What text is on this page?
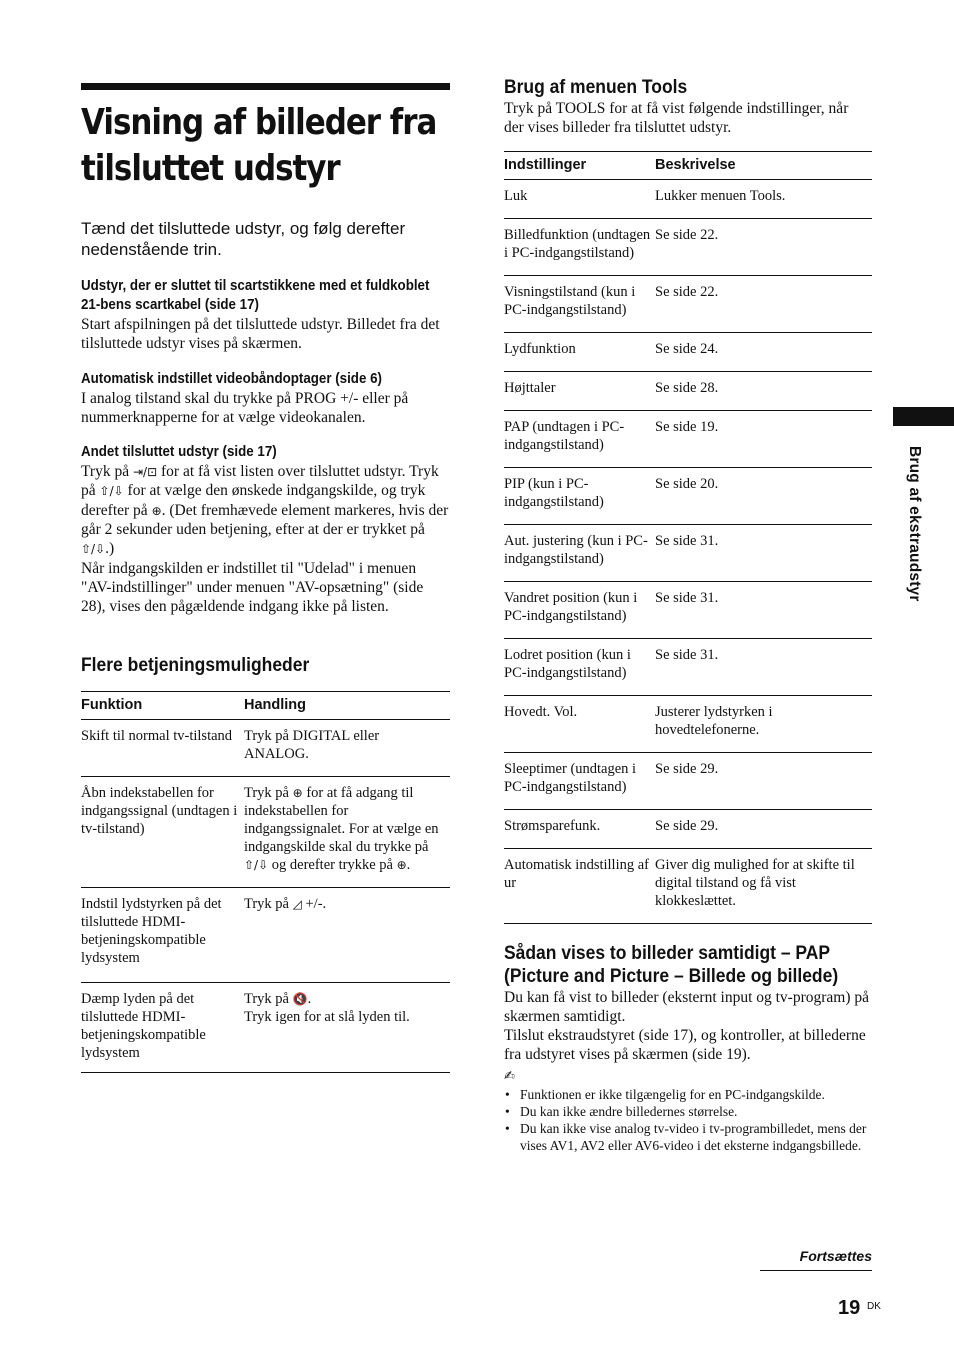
Visning af billeder fra tilsluttet udstyr
Tænd det tilsluttede udstyr, og følg derefter nedenstående trin.
Udstyr, der er sluttet til scartstikkene med et fuldkoblet 21-bens scartkabel (side 17)
Start afspilningen på det tilsluttede udstyr. Billedet fra det tilsluttede udstyr vises på skærmen.
Automatisk indstillet videobåndoptager (side 6)
I analog tilstand skal du trykke på PROG +/- eller på nummerknapperne for at vælge videokanalen.
Andet tilsluttet udstyr (side 17)
Tryk på ⇥/⊡ for at få vist listen over tilsluttet udstyr. Tryk på ⇧/⇩ for at vælge den ønskede indgangskilde, og tryk derefter på ⊕. (Det fremhævede element markeres, hvis der går 2 sekunder uden betjening, efter at der er trykket på ⇧/⇩.)
Når indgangskilden er indstillet til "Udelad" i menuen "AV-indstillinger" under menuen "AV-opsætning" (side 28), vises den pågældende indgang ikke på listen.
Flere betjeningsmuligheder
Funktion	Handling
Skift til normal tv-tilstand	Tryk på DIGITAL eller ANALOG.
Åbn indekstabellen for indgangssignal (undtagen i tv-tilstand)	Tryk på ⊕ for at få adgang til indekstabellen for indgangssignalet. For at vælge en indgangskilde skal du trykke på ⇧/⇩ og derefter trykke på ⊕.
Indstil lydstyrken på det tilsluttede HDMI-betjeningskompatible lydsystem	Tryk på ◿ +/-.
Dæmp lyden på det tilsluttede HDMI-betjeningskompatible lydsystem	Tryk på 🔇.
Tryk igen for at slå lyden til.
Brug af menuen Tools
Tryk på TOOLS for at få vist følgende indstillinger, når der vises billeder fra tilsluttet udstyr.
Indstillinger	Beskrivelse
Luk	Lukker menuen Tools.
Billedfunktion (undtagen i PC-indgangstilstand)	Se side 22.
Visningstilstand (kun i PC-indgangstilstand)	Se side 22.
Lydfunktion	Se side 24.
Højttaler	Se side 28.
PAP (undtagen i PC-indgangstilstand)	Se side 19.
PIP (kun i PC-indgangstilstand)	Se side 20.
Aut. justering (kun i PC-indgangstilstand)	Se side 31.
Vandret position (kun i PC-indgangstilstand)	Se side 31.
Lodret position (kun i PC-indgangstilstand)	Se side 31.
Hovedt. Vol.	Justerer lydstyrken i hovedtelefonerne.
Sleeptimer (undtagen i PC-indgangstilstand)	Se side 29.
Strømsparefunk.	Se side 29.
Automatisk indstilling af ur	Giver dig mulighed for at skifte til digital tilstand og få vist klokkeslættet.
Sådan vises to billeder samtidigt – PAP (Picture and Picture – Billede og billede)
Du kan få vist to billeder (eksternt input og tv-program) på skærmen samtidigt.
Tilslut ekstraudstyret (side 17), og kontroller, at billederne fra udstyret vises på skærmen (side 19).
✍
• Funktionen er ikke tilgængelig for en PC-indgangskilde.
• Du kan ikke ændre billedernes størrelse.
• Du kan ikke vise analog tv-video i tv-programbilledet, mens der vises AV1, AV2 eller AV6-video i det eksterne indgangsbillede.
Brug af ekstraudstyr
Fortsættes
19 DK
